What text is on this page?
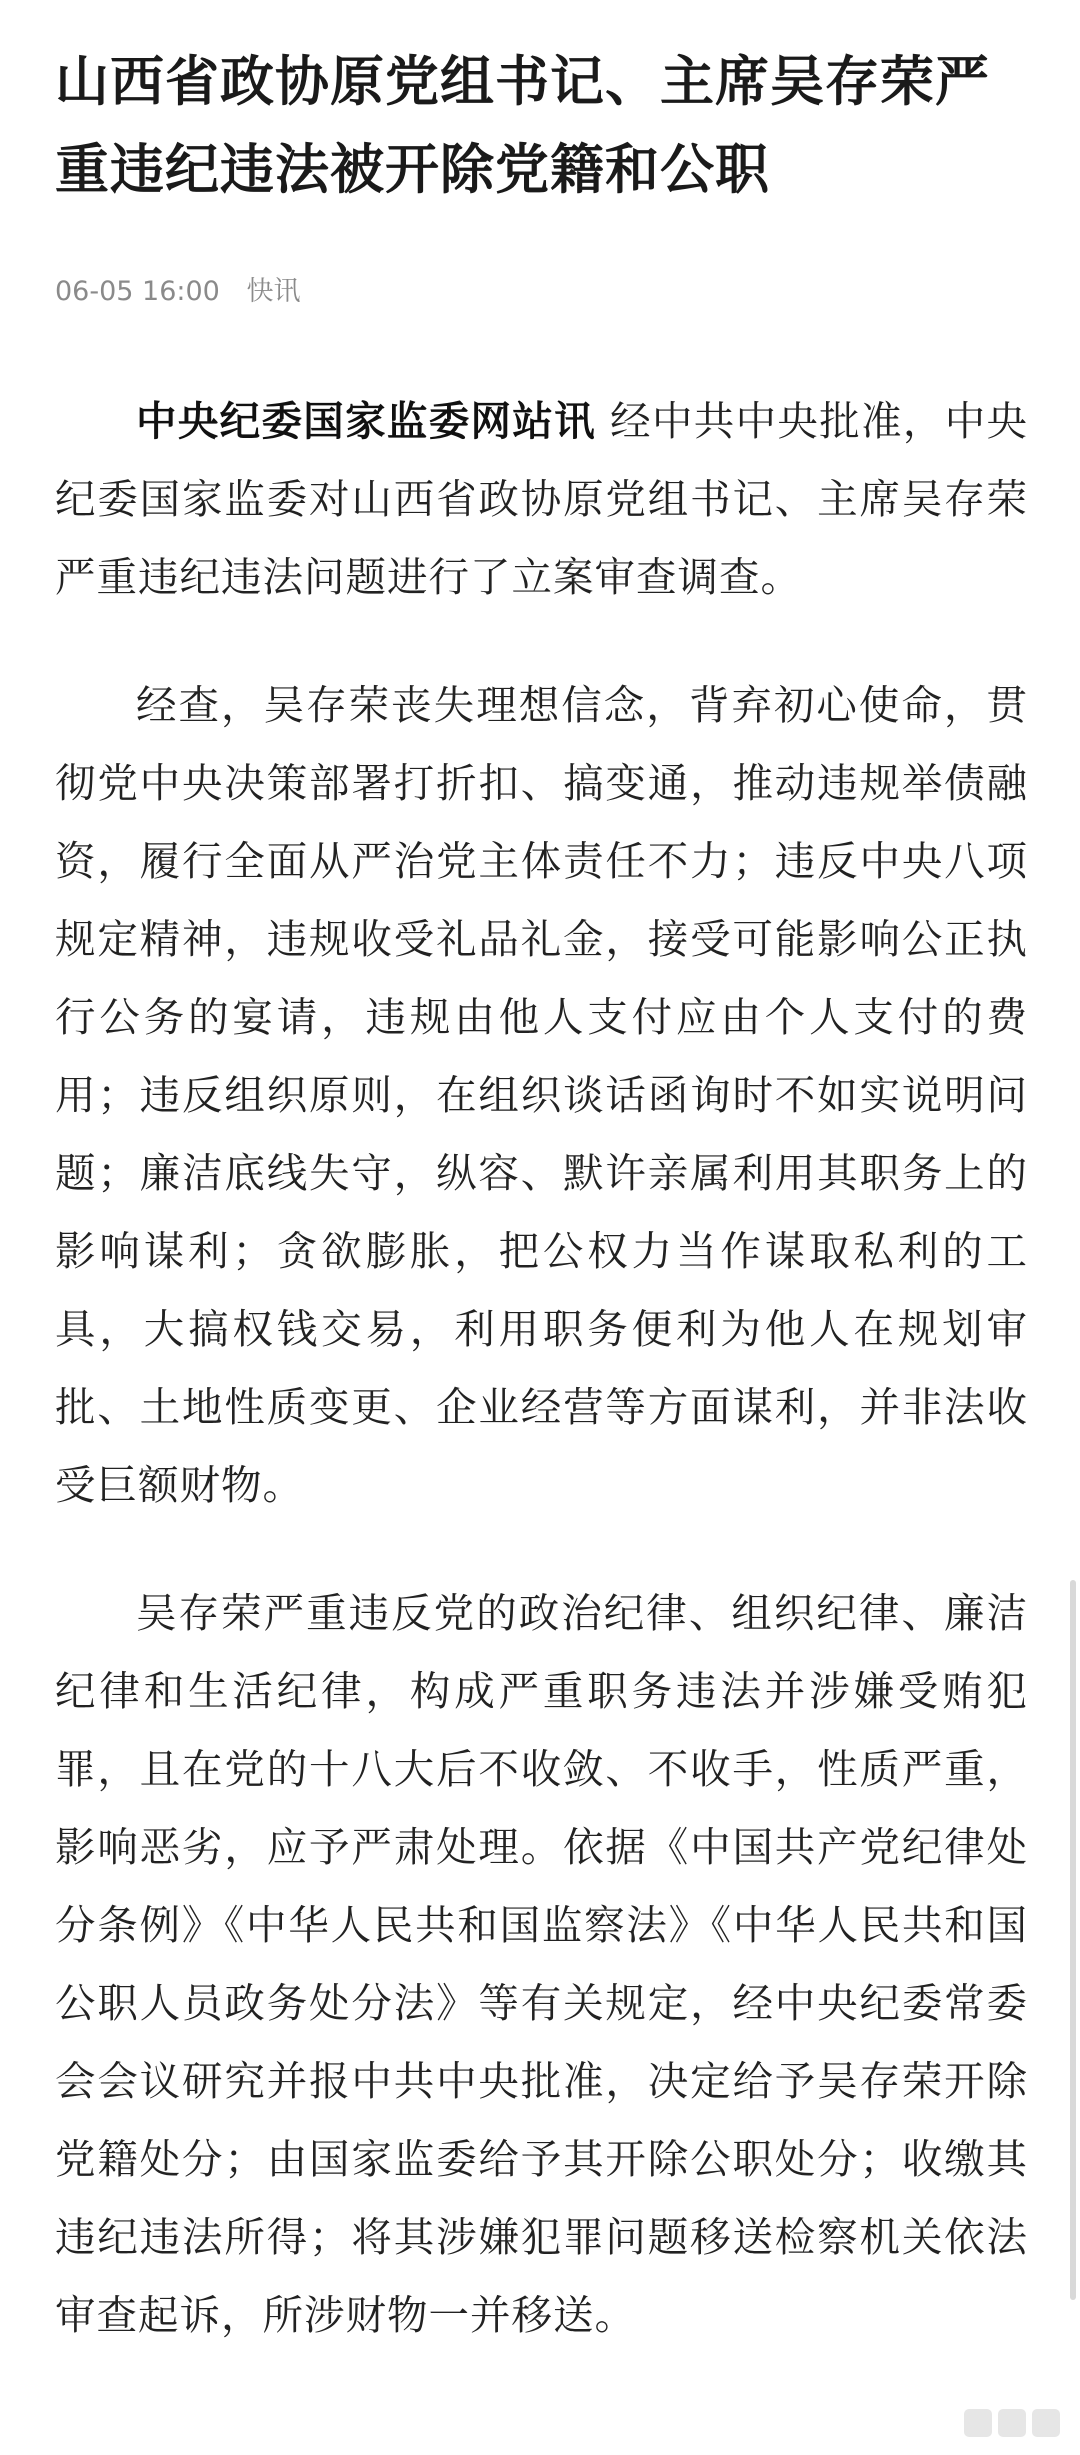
山西省政协原党组书记、主席吴存荣严重违纪违法被开除党籍和公职
06-05 16:00 快讯

中央纪委国家监委网站讯 经中共中央批准，中央纪委国家监委对山西省政协原党组书记、主席吴存荣严重违纪违法问题进行了立案审查调查。

经查，吴存荣丧失理想信念，背弃初心使命，贯彻党中央决策部署打折扣、搞变通，推动违规举债融资，履行全面从严治党主体责任不力；违反中央八项规定精神，违规收受礼品礼金，接受可能影响公正执行公务的宴请，违规由他人支付应由个人支付的费用；违反组织原则，在组织谈话函询时不如实说明问题；廉洁底线失守，纵容、默许亲属利用其职务上的影响谋利；贪欲膨胀，把公权力当作谋取私利的工具，大搞权钱交易，利用职务便利为他人在规划审批、土地性质变更、企业经营等方面谋利，并非法收受巨额财物。

吴存荣严重违反党的政治纪律、组织纪律、廉洁纪律和生活纪律，构成严重职务违法并涉嫌受贿犯罪，且在党的十八大后不收敛、不收手，性质严重，影响恶劣，应予严肃处理。依据《中国共产党纪律处分条例》《中华人民共和国监察法》《中华人民共和国公职人员政务处分法》等有关规定，经中央纪委常委会会议研究并报中共中央批准，决定给予吴存荣开除党籍处分；由国家监委给予其开除公职处分；收缴其违纪违法所得；将其涉嫌犯罪问题移送检察机关依法审查起诉，所涉财物一并移送。
